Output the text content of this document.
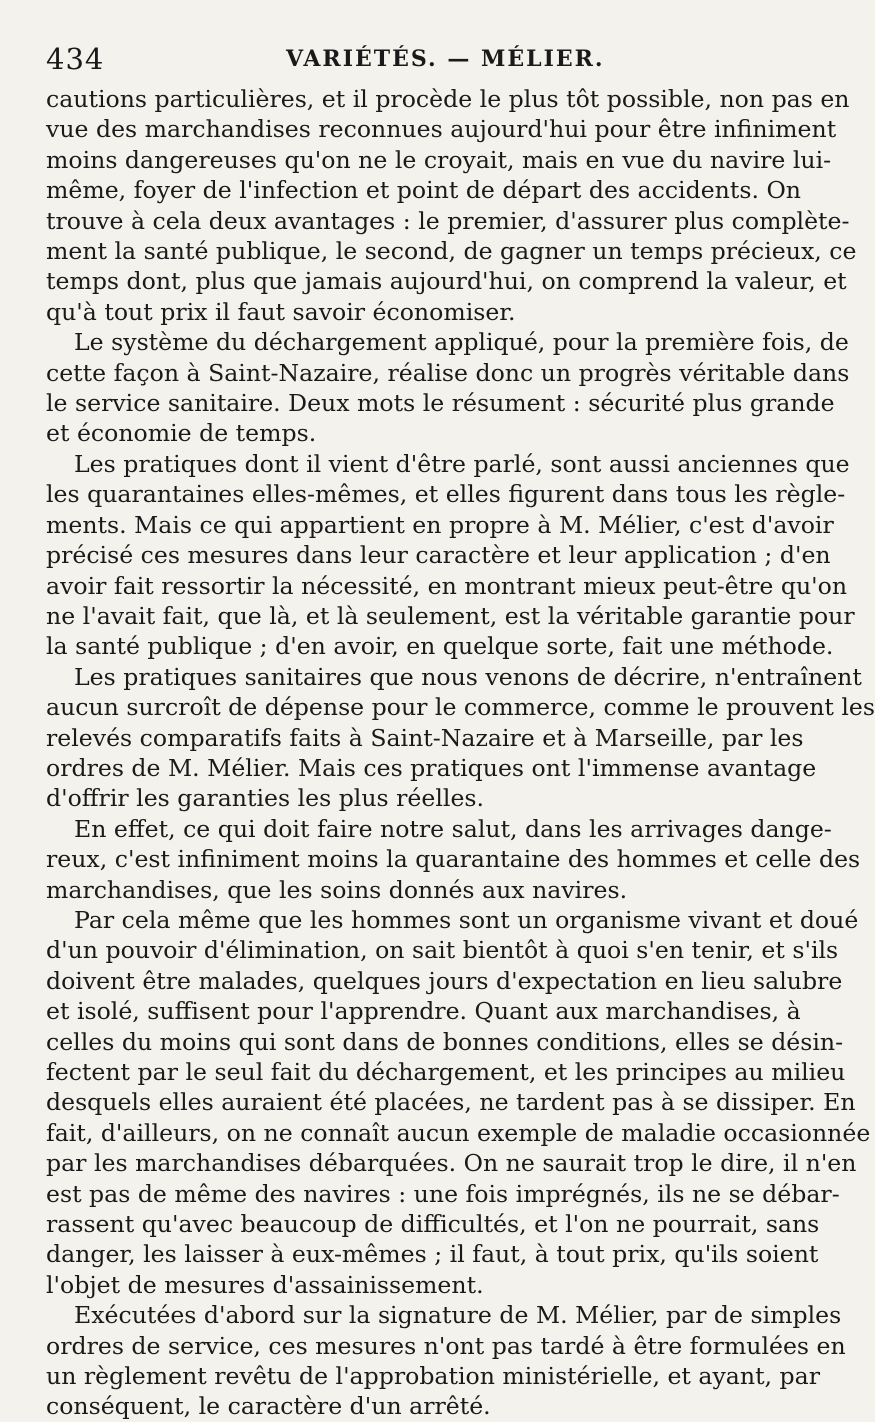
434	VARIÉTÉS. — MÉLIER.
cautions particulières, et il procède le plus tôt possible, non pas en
vue des marchandises reconnues aujourd'hui pour être infiniment
moins dangereuses qu'on ne le croyait, mais en vue du navire lui-
même, foyer de l'infection et point de départ des accidents. On
trouve à cela deux avantages : le premier, d'assurer plus complète-
ment la santé publique, le second, de gagner un temps précieux, ce
temps dont, plus que jamais aujourd'hui, on comprend la valeur, et
qu'à tout prix il faut savoir économiser.
Le système du déchargement appliqué, pour la première fois, de
cette façon à Saint-Nazaire, réalise donc un progrès véritable dans
le service sanitaire. Deux mots le résument : sécurité plus grande
et économie de temps.
Les pratiques dont il vient d'être parlé, sont aussi anciennes que
les quarantaines elles-mêmes, et elles figurent dans tous les règle-
ments. Mais ce qui appartient en propre à M. Mélier, c'est d'avoir
précisé ces mesures dans leur caractère et leur application ; d'en
avoir fait ressortir la nécessité, en montrant mieux peut-être qu'on
ne l'avait fait, que là, et là seulement, est la véritable garantie pour
la santé publique ; d'en avoir, en quelque sorte, fait une méthode.
Les pratiques sanitaires que nous venons de décrire, n'entraînent
aucun surcroît de dépense pour le commerce, comme le prouvent les
relevés comparatifs faits à Saint-Nazaire et à Marseille, par les
ordres de M. Mélier. Mais ces pratiques ont l'immense avantage
d'offrir les garanties les plus réelles.
En effet, ce qui doit faire notre salut, dans les arrivages dange-
reux, c'est infiniment moins la quarantaine des hommes et celle des
marchandises, que les soins donnés aux navires.
Par cela même que les hommes sont un organisme vivant et doué
d'un pouvoir d'élimination, on sait bientôt à quoi s'en tenir, et s'ils
doivent être malades, quelques jours d'expectation en lieu salubre
et isolé, suffisent pour l'apprendre. Quant aux marchandises, à
celles du moins qui sont dans de bonnes conditions, elles se désin-
fectent par le seul fait du déchargement, et les principes au milieu
desquels elles auraient été placées, ne tardent pas à se dissiper. En
fait, d'ailleurs, on ne connaît aucun exemple de maladie occasionnée
par les marchandises débarquées. On ne saurait trop le dire, il n'en
est pas de même des navires : une fois imprégnés, ils ne se débar-
rassent qu'avec beaucoup de difficultés, et l'on ne pourrait, sans
danger, les laisser à eux-mêmes ; il faut, à tout prix, qu'ils soient
l'objet de mesures d'assainissement.
Exécutées d'abord sur la signature de M. Mélier, par de simples
ordres de service, ces mesures n'ont pas tardé à être formulées en
un règlement revêtu de l'approbation ministérielle, et ayant, par
conséquent, le caractère d'un arrêté.
